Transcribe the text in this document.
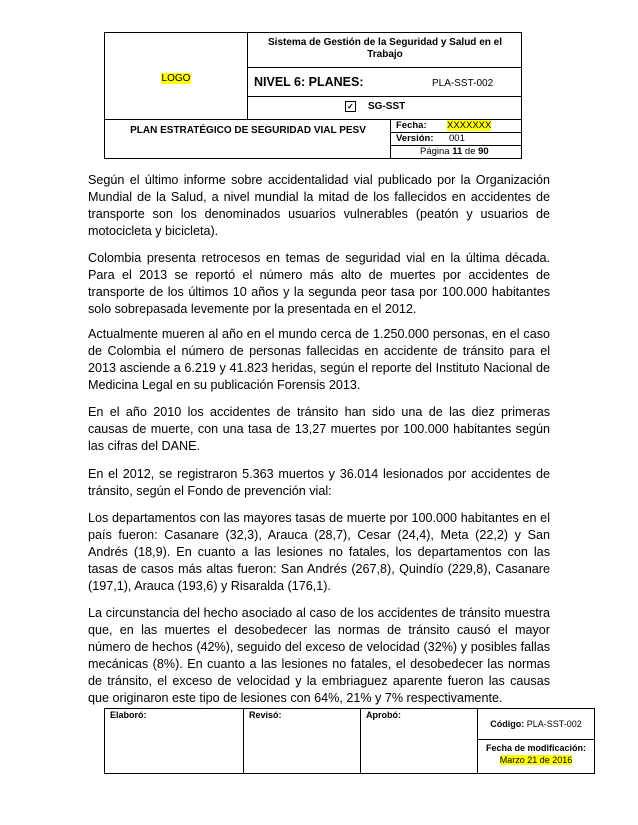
LOGO
Sistema de Gestión de la Seguridad y Salud en el Trabajo
NIVEL 6: PLANES:	PLA-SST-002
✓ SG-SST
PLAN ESTRATÉGICO DE SEGURIDAD VIAL PESV	Fecha: XXXXXXX
Versión: 001
Página 11 de 90

Según el último informe sobre accidentalidad vial publicado por la Organización Mundial de la Salud, a nivel mundial la mitad de los fallecidos en accidentes de transporte son los denominados usuarios vulnerables (peatón y usuarios de motocicleta y bicicleta).

Colombia presenta retrocesos en temas de seguridad vial en la última década. Para el 2013 se reportó el número más alto de muertes por accidentes de transporte de los últimos 10 años y la segunda peor tasa por 100.000 habitantes solo sobrepasada levemente por la presentada en el 2012.

Actualmente mueren al año en el mundo cerca de 1.250.000 personas, en el caso de Colombia el número de personas fallecidas en accidente de tránsito para el 2013 asciende a 6.219 y 41.823 heridas, según el reporte del Instituto Nacional de Medicina Legal en su publicación Forensis 2013.

En el año 2010 los accidentes de tránsito han sido una de las diez primeras causas de muerte, con una tasa de 13,27 muertes por 100.000 habitantes según las cifras del DANE.

En el 2012, se registraron 5.363 muertos y 36.014 lesionados por accidentes de tránsito, según el Fondo de prevención vial:

Los departamentos con las mayores tasas de muerte por 100.000 habitantes en el país fueron: Casanare (32,3), Arauca (28,7), Cesar (24,4), Meta (22,2) y San Andrés (18,9). En cuanto a las lesiones no fatales, los departamentos con las tasas de casos más altas fueron: San Andrés (267,8), Quindío (229,8), Casanare (197,1), Arauca (193,6) y Risaralda (176,1).

La circunstancia del hecho asociado al caso de los accidentes de tránsito muestra que, en las muertes el desobedecer las normas de tránsito causó el mayor número de hechos (42%), seguido del exceso de velocidad (32%) y posibles fallas mecánicas (8%). En cuanto a las lesiones no fatales, el desobedecer las normas de tránsito, el exceso de velocidad y la embriaguez aparente fueron las causas que originaron este tipo de lesiones con 64%, 21% y 7% respectivamente.

Elaboró:	Revisó:	Aprobó:
Código: PLA-SST-002
Fecha de modificación:
Marzo 21 de 2016
